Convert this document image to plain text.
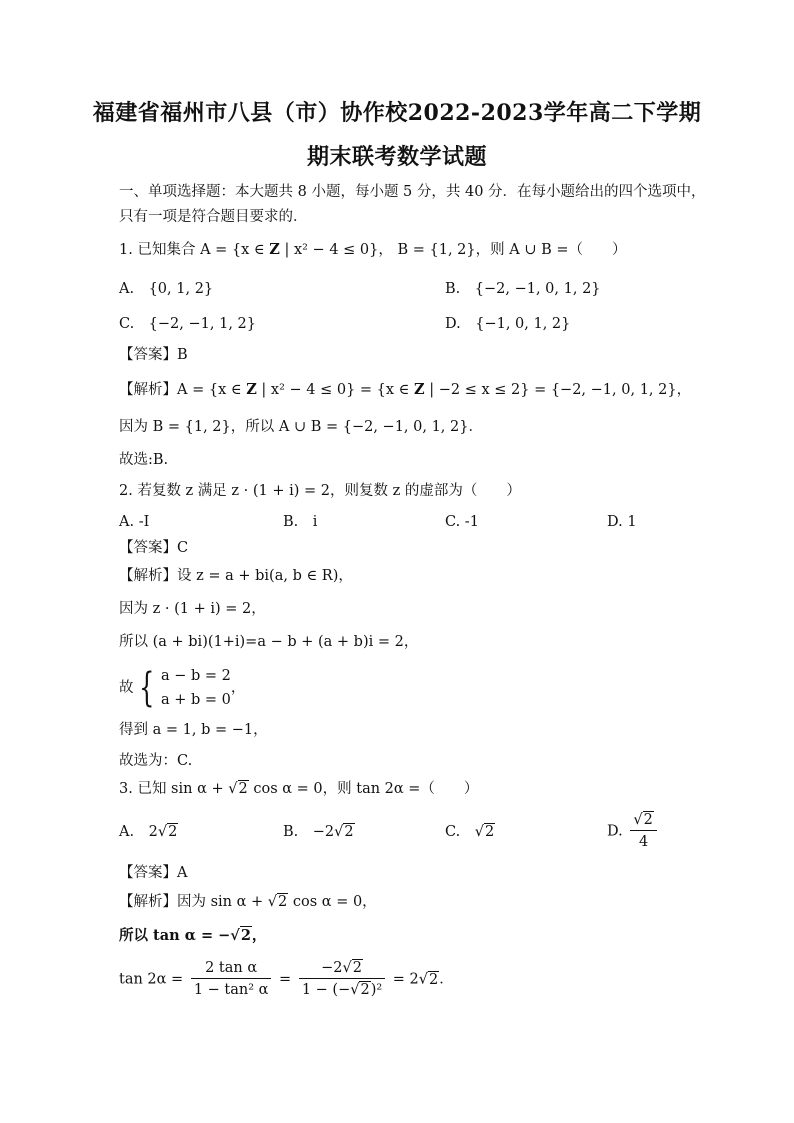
福建省福州市八县（市）协作校2022-2023学年高二下学期
期末联考数学试题
一、单项选择题：本大题共 8 小题，每小题 5 分，共 40 分．在每小题给出的四个选项中，
只有一项是符合题目要求的．
1. 已知集合 A = {x ∈ Z | x² − 4 ≤ 0}， B = {1, 2}，则 A ∪ B =（　　）
A.　{0, 1, 2}	B.　{−2, −1, 0, 1, 2}
C.　{−2, −1, 1, 2}	D.　{−1, 0, 1, 2}
【答案】B
【解析】A = {x ∈ Z | x² − 4 ≤ 0} = {x ∈ Z | −2 ≤ x ≤ 2} = {−2, −1, 0, 1, 2}，
因为 B = {1, 2}，所以 A ∪ B = {−2, −1, 0, 1, 2}．
故选:B.
2. 若复数 z 满足 z · (1 + i) = 2，则复数 z 的虚部为（　　）
A. -I	B.　i	C. -1	D. 1
【答案】C
【解析】设 z = a + bi(a, b ∈ R)，
因为 z · (1 + i) = 2，
所以 (a + bi)(1+i)=a − b + (a + b)i = 2，
故 { a − b = 2
a + b = 0
，
得到 a = 1, b = −1，
故选为：C.
3. 已知 sin α + √2 cos α = 0，则 tan 2α =（　　）
A.　2√2	B.　−2√2	C.　√2	D. $\frac{√2}{4}$
【答案】A
【解析】因为 sin α + √2 cos α = 0，
所以 tan α = −√2，
$\tan 2\alpha = \frac{\text{2 tan α}}{\text{1 − tan² α}} = \frac{-2√2}{\text{1 − (−√2)²}} = 2√2$．
